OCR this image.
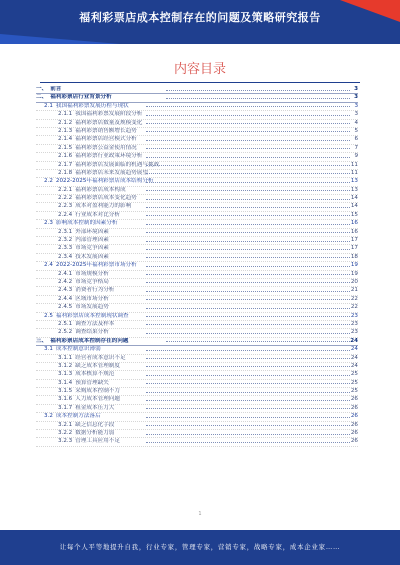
福利彩票店成本控制存在的问题及策略研究报告
内容目录
一、 前言	3
二、 福利彩票店行业背景分析	3
2.1 我国福利彩票发展历程与现状	3
2.1.1 我国福利彩票发展阶段分析	3
2.1.2 福利彩票店数量及规模变化	4
2.1.3 福利彩票销售额增长趋势	5
2.1.4 福利彩票店经营模式分析	6
2.1.5 福利彩票公益金使用情况	7
2.1.6 福利彩票行业政策环境分析	9
2.1.7 福利彩票店发展面临的机遇与挑战	11
2.1.8 福利彩票店未来发展趋势展望	11
2.2 2022-2025年福利彩票店成本结构分析	13
2.2.1 福利彩票店成本构成	13
2.2.2 福利彩票店成本变化趋势	14
2.2.3 成本对盈利能力的影响	14
2.2.4 行业成本对比分析	15
2.3 影响成本控制的因素分析	16
2.3.1 外部环境因素	16
2.3.2 内部管理因素	17
2.3.3 市场竞争因素	17
2.3.4 技术发展因素	18
2.4 2022-2025年福利彩票市场分析	19
2.4.1 市场规模分析	19
2.4.2 市场竞争格局	20
2.4.3 消费者行为分析	21
2.4.4 区域市场分析	22
2.4.5 市场发展趋势	22
2.5 福利彩票店成本控制现状调查	23
2.5.1 调查方法及样本	23
2.5.2 调查结果分析	23
三、 福利彩票店成本控制存在的问题	24
3.1 成本控制意识薄弱	24
3.1.1 经营者成本意识不足	24
3.1.2 缺乏成本管理制度	24
3.1.3 成本核算不规范	25
3.1.4 预算管理缺失	25
3.1.5 采购成本控制不力	25
3.1.6 人力成本管理问题	26
3.1.7 租金成本压力大	26
3.2 成本控制方法落后	26
3.2.1 缺乏信息化手段	26
3.2.2 数据分析能力弱	26
3.2.3 管理工具应用不足	26
1
让每个人平等地提升自我，行业专家，管理专家，营销专家，战略专家，成本企业家……
